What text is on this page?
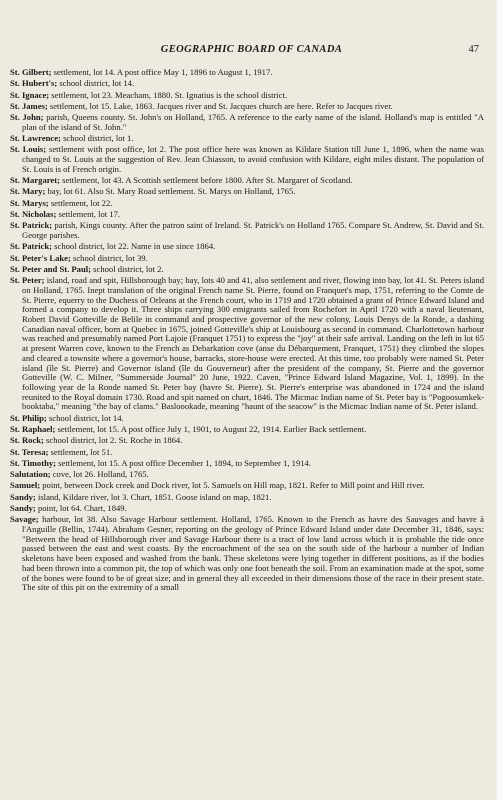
GEOGRAPHIC BOARD OF CANADA	47

St. Gilbert; settlement, lot 14. A post office May 1, 1896 to August 1, 1917.

St. Hubert's; school district, lot 14.

St. Ignace; settlement, lot 23. Meacham, 1880. St. Ignatius is the school district.

St. James; settlement, lot 15. Lake, 1863. Jacques river and St. Jacques church are here. Refer to Jacques river.

St. John; parish, Queens county. St. John's on Holland, 1765. A reference to the early name of the island. Holland's map is entitled "A plan of the island of St. John."

St. Lawrence; school district, lot 1.

St. Louis; settlement with post office, lot 2. The post office here was known as Kildare Station till June 1, 1896, when the name was changed to St. Louis at the suggestion of Rev. Jean Chiasson, to avoid confusion with Kildare, eight miles distant. The population of St. Louis is of French origin.

St. Margaret; settlement, lot 43. A Scottish settlement before 1800. After St. Margaret of Scotland.

St. Mary; bay, lot 61. Also St. Mary Road settlement. St. Marys on Holland, 1765.

St. Marys; settlement, lot 22.

St. Nicholas; settlement, lot 17.

St. Patrick; parish, Kings county. After the patron saint of Ireland. St. Patrick's on Holland 1765. Compare St. Andrew, St. David and St. George parishes.

St. Patrick; school district, lot 22. Name in use since 1864.

St. Peter's Lake; school district, lot 39.

St. Peter and St. Paul; school district, lot 2.

St. Peter; island, road and spit, Hillsborough bay; bay, lots 40 and 41, also settlement and river, flowing into bay, lot 41. St. Peters island on Holland, 1765. Inept translation of the original French name St. Pierre, found on Franquet's map, 1751, referring to the Comte de St. Pierre, equerry to the Duchess of Orleans at the French court, who in 1719 and 1720 obtained a grant of Prince Edward Island and formed a company to develop it. Three ships carrying 300 emigrants sailed from Rochefort in April 1720 with a naval lieutenant, Robert David Gotteville de Belile in command and prospective governor of the new colony, Louis Denys de la Ronde, a dashing Canadian naval officer, born at Quebec in 1675, joined Gotteville's ship at Louisbourg as second in command. Charlottetown harbour was reached and presumably named Port Lajoie (Franquet 1751) to express the "joy" at their safe arrival. Landing on the left in lot 65 at present Warren cove, known to the French as Debarkation cove (anse du Débarquement, Franquet, 1751) they climbed the slopes and cleared a townsite where a governor's house, barracks, store-house were erected. At this time, too probably were named St. Peter island (île St. Pierre) and Governor island (île du Gouverneur) after the president of the company, St. Pierre and the governor Gotteville (W. C. Milner, "Summerside Journal" 20 June, 1922. Caven, "Prince Edward Island Magazine, Vol. 1, 1899). In the following year de la Ronde named St. Peter bay (havre St. Pierre). St. Pierre's enterprise was abandoned in 1724 and the island reunited to the Royal domain 1730. Road and spit named on chart, 1846. The Micmac Indian name of St. Peter bay is "Pogoosumkek-booktaba," meaning "the bay of clams." Basloookade, meaning "haunt of the seacow" is the Micmac Indian name of St. Peter island.

St. Philip; school district, lot 14.

St. Raphael; settlement, lot 15. A post office July 1, 1901, to August 22, 1914. Earlier Back settlement.

St. Rock; school district, lot 2. St. Roche in 1864.

St. Teresa; settlement, lot 51.

St. Timothy; settlement, lot 15. A post office December 1, 1894, to September 1, 1914.

Salutation; cove, lot 26. Holland, 1765.

Samuel; point, between Dock creek and Dock river, lot 5. Samuels on Hill map, 1821. Refer to Mill point and Hill river.

Sandy; island, Kildare river, lot 3. Chart, 1851. Goose island on map, 1821.

Sandy; point, lot 64. Chart, 1849.

Savage; harbour, lot 38. Also Savage Harbour settlement. Holland, 1765. Known to the French as havre des Sauvages and havre à l'Anguille (Bellin, 1744). Abraham Gesner, reporting on the geology of Prince Edward Island under date December 31, 1846, says: "Between the head of Hillsborough river and Savage Harbour there is a tract of low land across which it is probable the tide once passed between the east and west coasts. By the encroachment of the sea on the south side of the harbour a number of Indian skeletons have been exposed and washed from the bank. These skeletons were lying together in different positions, as if the bodies had been thrown into a common pit, the top of which was only one foot beneath the soil. From an examination made at the spot, some of the bones were found to be of great size; and in general they all exceeded in their dimensions those of the race in their present state. The site of this pit on the extremity of a small
